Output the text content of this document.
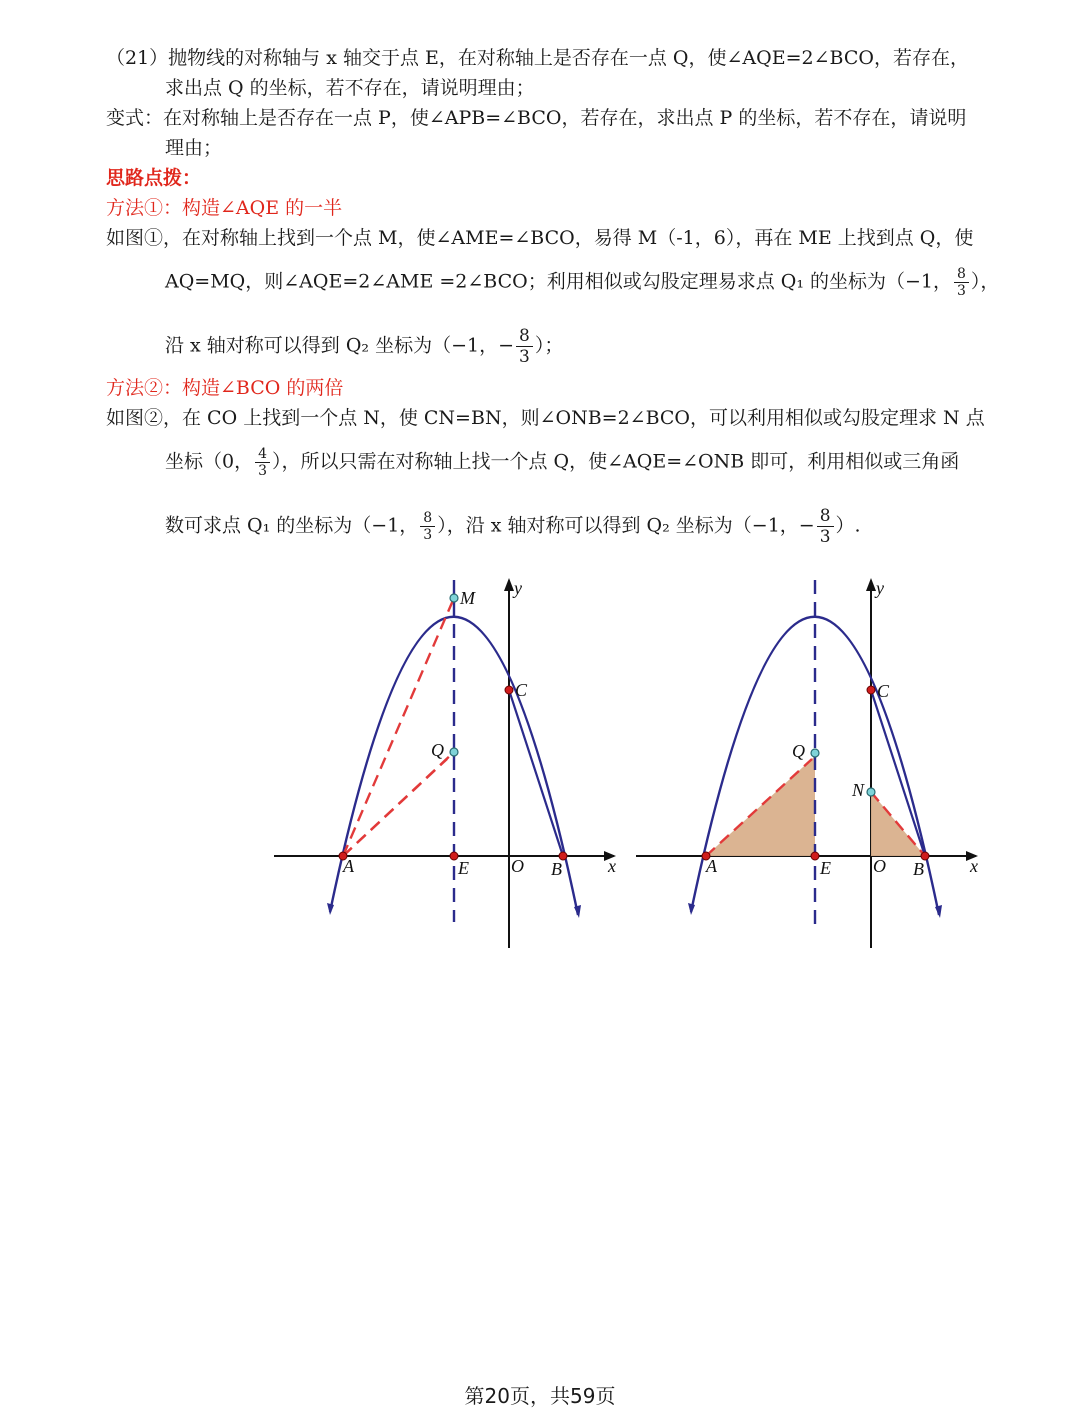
（21）抛物线的对称轴与 x 轴交于点 E，在对称轴上是否存在一点 Q，使∠AQE=2∠BCO，若存在，
求出点 Q 的坐标，若不存在，请说明理由；
变式：在对称轴上是否存在一点 P，使∠APB=∠BCO，若存在，求出点 P 的坐标，若不存在，请说明
理由；
思路点拨：
方法①：构造∠AQE 的一半
如图①，在对称轴上找到一个点 M，使∠AME=∠BCO，易得 M（-1，6），再在 ME 上找到点 Q，使
AQ=MQ，则∠AQE=2∠AME =2∠BCO；利用相似或勾股定理易求点 Q₁ 的坐标为（−1， $\frac{8}{3}$ ），
沿 x 轴对称可以得到 Q₂ 坐标为（−1，− $\frac{8}{3}$ ）；
方法②：构造∠BCO 的两倍
如图②，在 CO 上找到一个点 N，使 CN=BN，则∠ONB=2∠BCO，可以利用相似或勾股定理求 N 点
坐标（0， $\frac{4}{3}$ ），所以只需在对称轴上找一个点 Q，使∠AQE=∠ONB 即可，利用相似或三角函
数可求点 Q₁ 的坐标为（−1， $\frac{8}{3}$ ），沿 x 轴对称可以得到 Q₂ 坐标为（−1，− $\frac{8}{3}$ ）.
M
Q
C
A	E O B	x
y
Q
N
C
A	E O B	x
y
第20页，共59页
